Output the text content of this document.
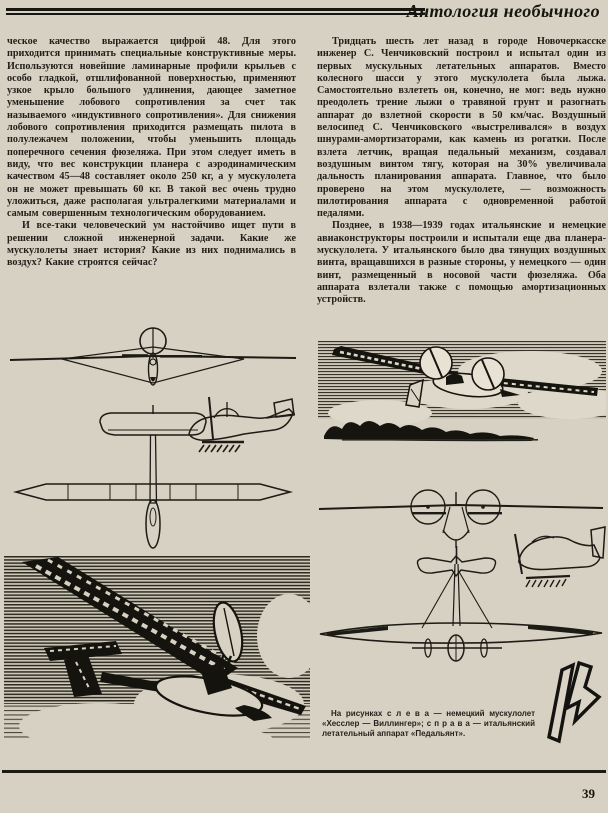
Антология необычного

ческое качество выражается цифрой 48. Для этого приходится принимать специальные конструктивные меры. Используются новейшие ламинарные профили крыльев с особо гладкой, отшлифованной поверхностью, применяют узкое крыло большого удлинения, дающее заметное уменьшение лобового сопротивления за счет так называемого «индуктивного сопротивления». Для снижения лобового сопротивления приходится размещать пилота в полулежачем положении, чтобы уменьшить площадь поперечного сечения фюзеляжа. При этом следует иметь в виду, что вес конструкции планера с аэродинамическим качеством 45—48 составляет около 250 кг, а у мускулолета он не может превышать 60 кг. В такой вес очень трудно уложиться, даже располагая ультралегкими материалами и самым совершенным технологическим оборудованием.

И все-таки человеческий ум настойчиво ищет пути в решении сложной инженерной задачи. Какие же мускулолеты знает история? Какие из них поднимались в воздух? Какие строятся сейчас?

Тридцать шесть лет назад в городе Новочеркасске инженер С. Ченчиковский построил и испытал один из первых мускульных летательных аппаратов. Вместо колесного шасси у этого мускулолета была лыжа. Самостоятельно взлететь он, конечно, не мог: ведь нужно преодолеть трение лыжи о травяной грунт и разогнать аппарат до взлетной скорости в 50 км/час. Воздушный велосипед С. Ченчиковского «выстреливался» в воздух шнурами-амортизаторами, как камень из рогатки. После взлета летчик, вращая педальный механизм, создавал воздушным винтом тягу, которая на 30% увеличивала дальность планирования аппарата. Главное, что было проверено на этом мускулолете, — возможность пилотирования аппарата с одновременной работой педалями.

Позднее, в 1938—1939 годах итальянские и немецкие авиаконструкторы построили и испытали еще два планера-мускулолета. У итальянского было два тянущих воздушных винта, вращавшихся в разные стороны, у немецкого — один винт, размещенный в носовой части фюзеляжа. Оба аппарата взлетали также с помощью амортизационных устройств.

На рисунках с л е в а — немецкий мускулолет «Хесслер — Виллингер»; с п р а в а — итальянский летательный аппарат «Педальянт».
39
